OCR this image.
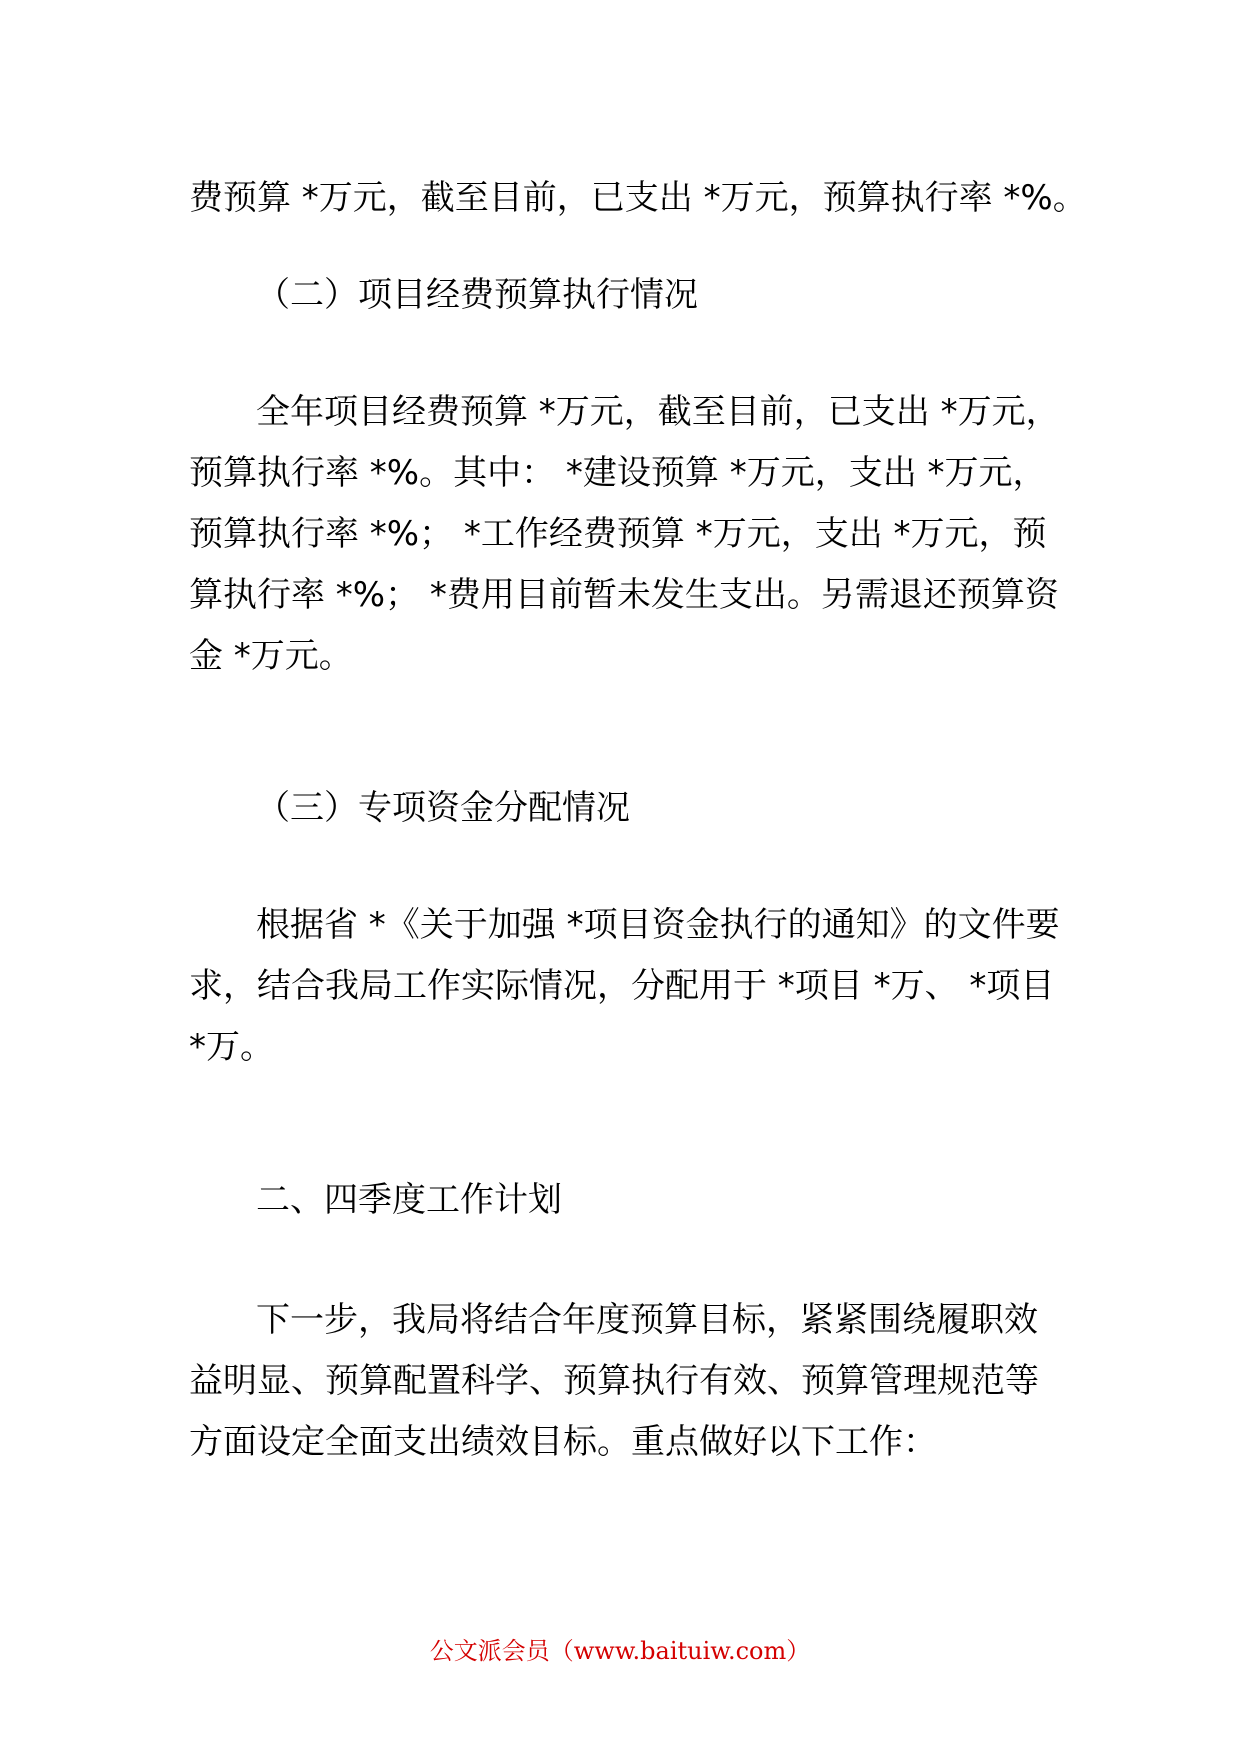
费预算 *万元，截至目前，已支出 *万元，预算执行率 *%。
（二）项目经费预算执行情况
全年项目经费预算 *万元，截至目前，已支出 *万元，
预算执行率 *%。其中： *建设预算 *万元，支出 *万元，
预算执行率 *%； *工作经费预算 *万元，支出 *万元，预
算执行率 *%； *费用目前暂未发生支出。另需退还预算资
金 *万元。
（三）专项资金分配情况
根据省 *《关于加强 *项目资金执行的通知》的文件要
求，结合我局工作实际情况，分配用于 *项目 *万、 *项目
*万。
二、四季度工作计划
下一步，我局将结合年度预算目标，紧紧围绕履职效
益明显、预算配置科学、预算执行有效、预算管理规范等
方面设定全面支出绩效目标。重点做好以下工作：
公文派会员（www.baituiw.com）
